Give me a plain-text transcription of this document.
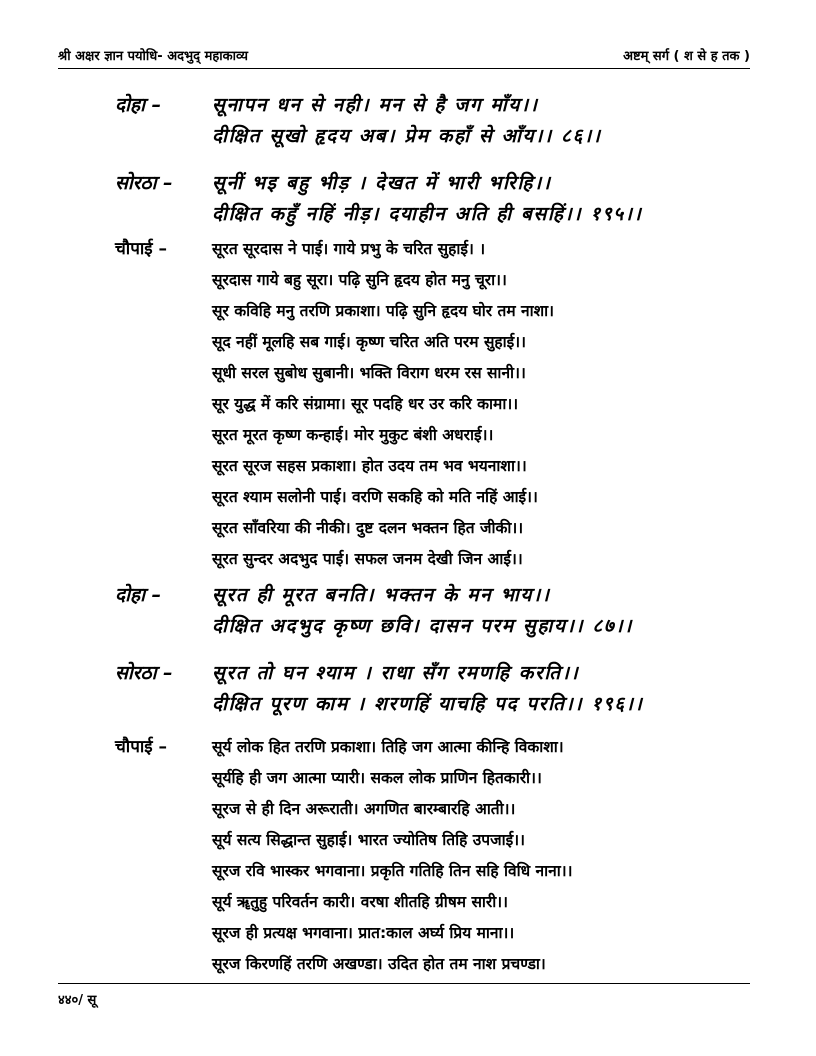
श्री अक्षर ज्ञान पयोधि- अदभुद् महाकाव्य	अष्टम् सर्ग ( श से ह तक )
दोहा –	सूनापन धन से नही। मन से है जग माँय।।
दीक्षित सूखो हृदय अब। प्रेम कहाँ से आँय।। ८६।।
सोरठा – सूनीं भइ बहु भीड़ । देखत में भारी भरिहि।।
दीक्षित कहुँ नहिं नीड़। दयाहीन अति ही बसहिं।। १९५।।
चौपाई –	सूरत सूरदास ने पाई। गाये प्रभु के चरित सुहाई। ।
सूरदास गाये बहु सूरा। पढ़ि सुनि हृदय होत मनु चूरा।।
सूर कविहि मनु तरणि प्रकाशा। पढ़ि सुनि हृदय घोर तम नाशा।
सूद नहीं मूलहि सब गाई। कृष्ण चरित अति परम सुहाई।।
सूधी सरल सुबोध सुबानी। भक्ति विराग धरम रस सानी।।
सूर युद्ध में करि संग्रामा। सूर पदहि धर उर करि कामा।।
सूरत मूरत कृष्ण कन्हाई। मोर मुकुट बंशी अधराई।।
सूरत सूरज सहस प्रकाशा। होत उदय तम भव भयनाशा।।
सूरत श्याम सलोनी पाई। वरणि सकहि को मति नहिं आई।।
सूरत साँवरिया की नीकी। दुष्ट दलन भक्तन हित जीकी।।
सूरत सुन्दर अदभुद पाई। सफल जनम देखी जिन आई।।
दोहा –	सूरत ही मूरत बनति। भक्तन के मन भाय।।
दीक्षित अदभुद कृष्ण छवि। दासन परम सुहाय।। ८७।।
सोरठा – सूरत तो घन श्याम । राधा सँग रमणहि करति।।
दीक्षित पूरण काम । शरणहिं याचहि पद परति।। १९६।।
चौपाई –	सूर्य लोक हित तरणि प्रकाशा। तिहि जग आत्मा कीन्हि विकाशा।
सूर्यहि ही जग आत्मा प्यारी। सकल लोक प्राणिन हितकारी।।
सूरज से ही दिन अरूराती। अगणित बारम्बारहि आती।।
सूर्य सत्य सिद्धान्त सुहाई। भारत ज्योतिष तिहि उपजाई।।
सूरज रवि भास्कर भगवाना। प्रकृति गतिहि तिन सहि विधि नाना।।
सूर्य ॠतुहु परिवर्तन कारी। वरषा शीतहि ग्रीषम सारी।।
सूरज ही प्रत्यक्ष भगवाना। प्रात:काल अर्घ्य प्रिय माना।।
सूरज किरणहिं तरणि अखण्डा। उदित होत तम नाश प्रचण्डा।
४४०/ सू
